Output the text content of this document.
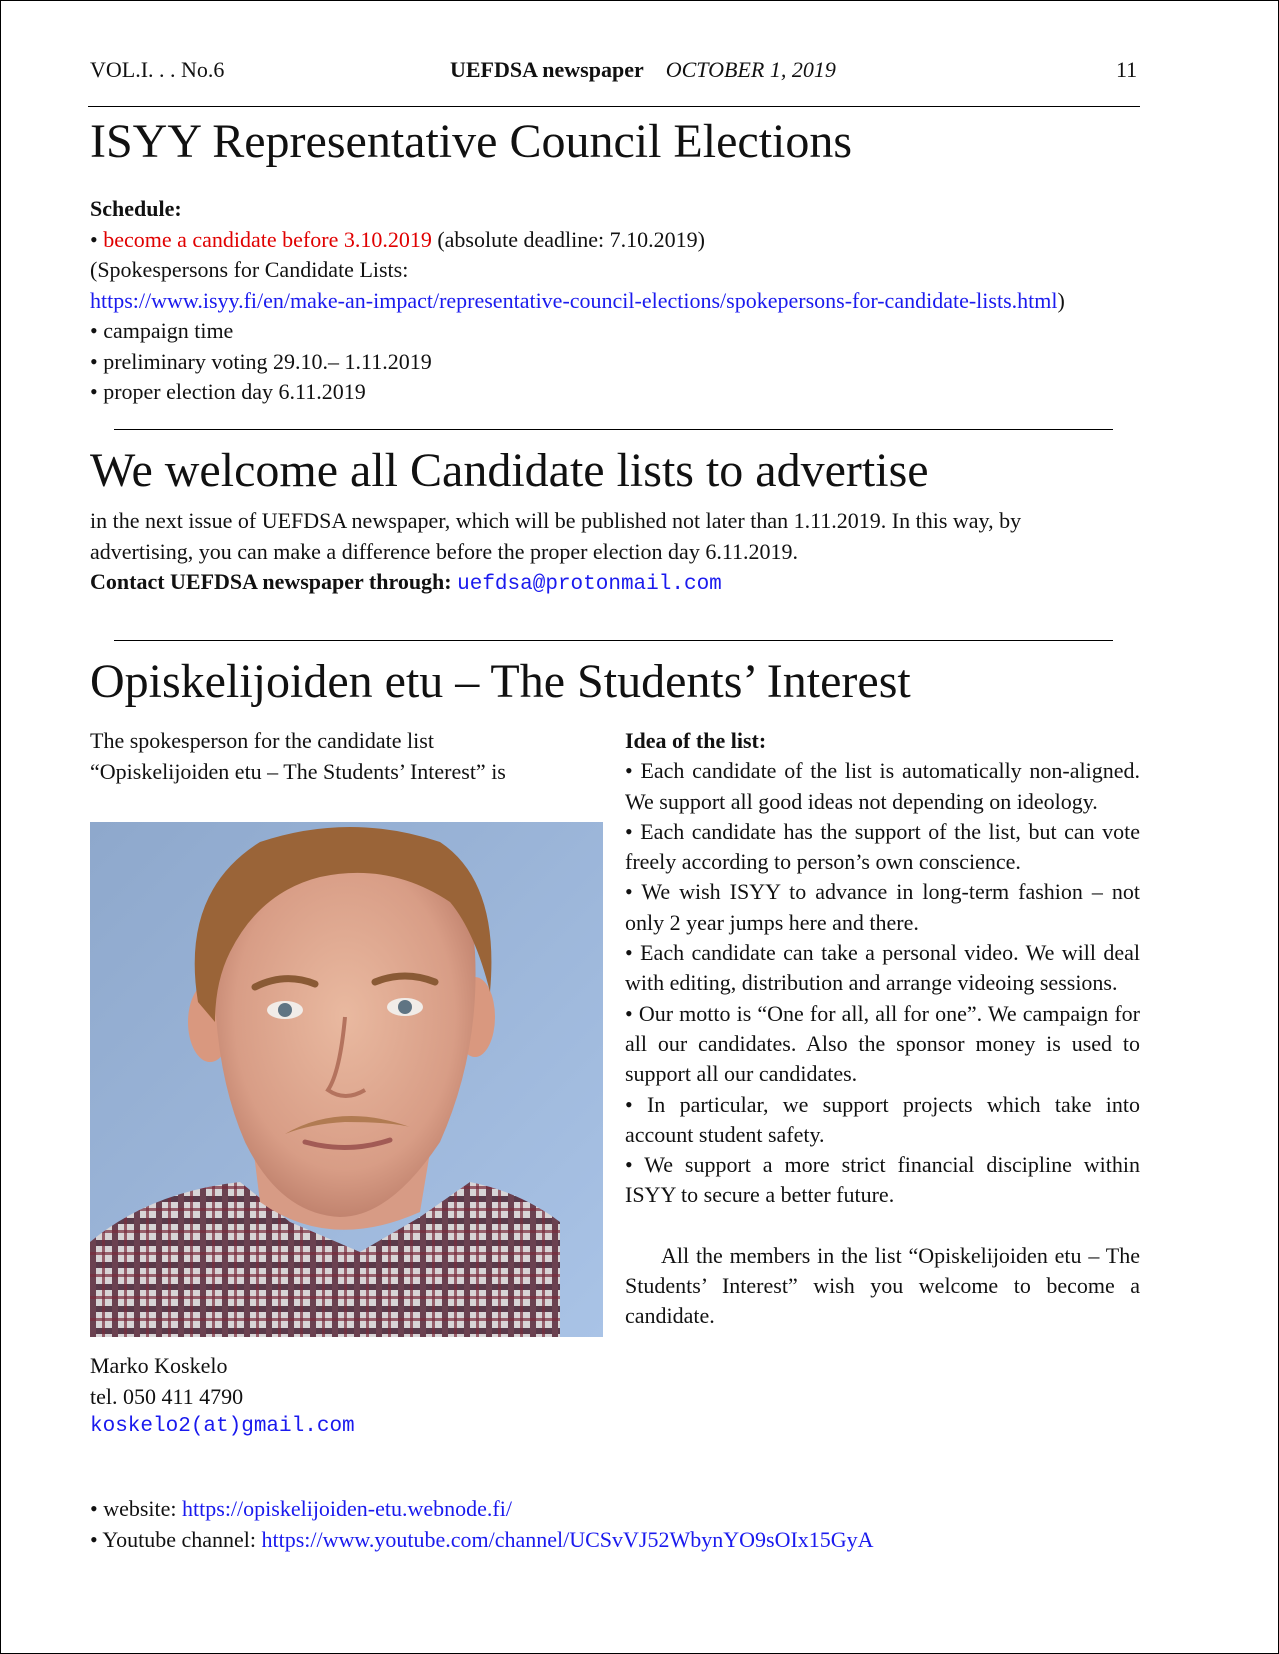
VOL.I. . . No.6	UEFDSA newspaper OCTOBER 1, 2019	11
ISYY Representative Council Elections
Schedule:
• become a candidate before 3.10.2019 (absolute deadline: 7.10.2019)
(Spokespersons for Candidate Lists:
https://www.isyy.fi/en/make-an-impact/representative-council-elections/spokepersons-for-candidate-lists.html)
• campaign time
• preliminary voting 29.10.– 1.11.2019
• proper election day 6.11.2019
We welcome all Candidate lists to advertise
in the next issue of UEFDSA newspaper, which will be published not later than 1.11.2019. In this way, by
advertising, you can make a difference before the proper election day 6.11.2019.
Contact UEFDSA newspaper through: uefdsa@protonmail.com
Opiskelijoiden etu – The Students’ Interest
The spokesperson for the candidate list
“Opiskelijoiden etu – The Students’ Interest” is
Marko Koskelo
tel. 050 411 4790
koskelo2(at)gmail.com

Idea of the list:

• Each candidate of the list is automatically non-aligned. We support all good ideas not depending on ideology.

• Each candidate has the support of the list, but can vote freely according to person’s own conscience.

• We wish ISYY to advance in long-term fashion – not only 2 year jumps here and there.

• Each candidate can take a personal video. We will deal with editing, distribution and arrange videoing sessions.

• Our motto is “One for all, all for one”. We campaign for all our candidates. Also the sponsor money is used to support all our candidates.

• In particular, we support projects which take into account student safety.

• We support a more strict financial discipline within ISYY to secure a better future.

All the members in the list “Opiskelijoiden etu – The Students’ Interest” wish you welcome to become a candidate.

• website: https://opiskelijoiden-etu.webnode.fi/
• Youtube channel: https://www.youtube.com/channel/UCSvVJ52WbynYO9sOIx15GyA
